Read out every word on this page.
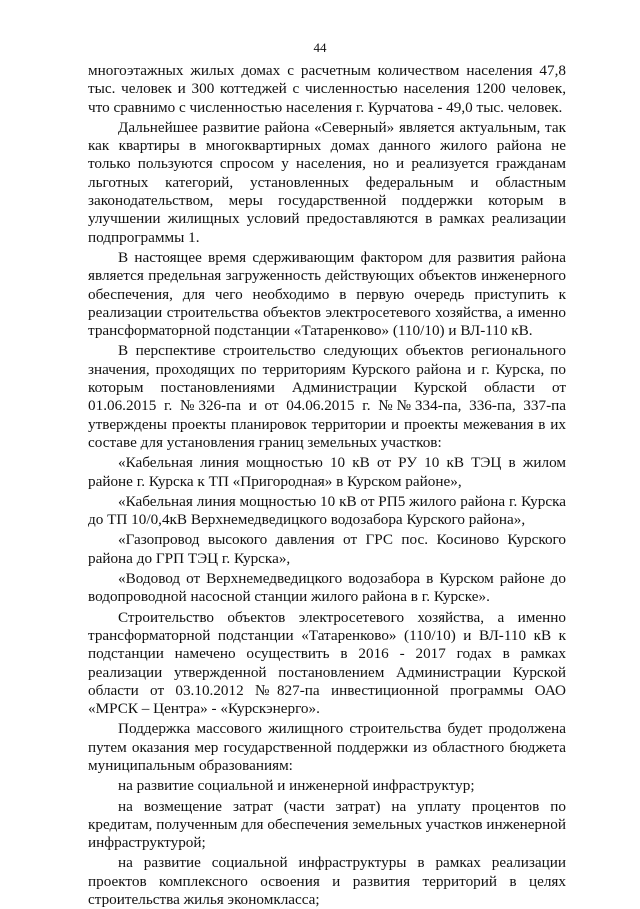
44

многоэтажных жилых домах с расчетным количеством населения 47,8 тыс. человек и 300 коттеджей с численностью населения 1200 человек, что сравнимо с численностью населения г. Курчатова - 49,0 тыс. человек.

Дальнейшее развитие района «Северный» является актуальным, так как квартиры в многоквартирных домах данного жилого района не только пользуются спросом у населения, но и реализуется гражданам льготных категорий, установленных федеральным и областным законодательством, меры государственной поддержки которым в улучшении жилищных условий предоставляются в рамках реализации подпрограммы 1.

В настоящее время сдерживающим фактором для развития района является предельная загруженность действующих объектов инженерного обеспечения, для чего необходимо в первую очередь приступить к реализации строительства объектов электросетевого хозяйства, а именно трансформаторной подстанции «Татаренково» (110/10) и ВЛ-110 кВ.

В перспективе строительство следующих объектов регионального значения, проходящих по территориям Курского района и г. Курска, по которым постановлениями Администрации Курской области от 01.06.2015 г. №326-па и от 04.06.2015 г. №№334-па, 336-па, 337-па утверждены проекты планировок территории и проекты межевания в их составе для установления границ земельных участков:

«Кабельная линия мощностью 10 кВ от РУ 10 кВ ТЭЦ в жилом районе г. Курска к ТП «Пригородная» в Курском районе»,

«Кабельная линия мощностью 10 кВ от РП5 жилого района г. Курска до ТП 10/0,4кВ Верхнемедведицкого водозабора Курского района»,

«Газопровод высокого давления от ГРС пос. Косиново Курского района до ГРП ТЭЦ г. Курска»,

«Водовод от Верхнемедведицкого водозабора в Курском районе до водопроводной насосной станции жилого района в г. Курске».

Строительство объектов электросетевого хозяйства, а именно трансформаторной подстанции «Татаренково» (110/10) и ВЛ-110 кВ к подстанции намечено осуществить в 2016 - 2017 годах в рамках реализации утвержденной постановлением Администрации Курской области от 03.10.2012 №827-па инвестиционной программы ОАО «МРСК – Центра» - «Курскэнерго».

Поддержка массового жилищного строительства будет продолжена путем оказания мер государственной поддержки из областного бюджета муниципальным образованиям:

на развитие социальной и инженерной инфраструктур;

на возмещение затрат (части затрат) на уплату процентов по кредитам, полученным для обеспечения земельных участков инженерной инфраструктурой;

на развитие социальной инфраструктуры в рамках реализации проектов комплексного освоения и развития территорий в целях строительства жилья экономкласса;
